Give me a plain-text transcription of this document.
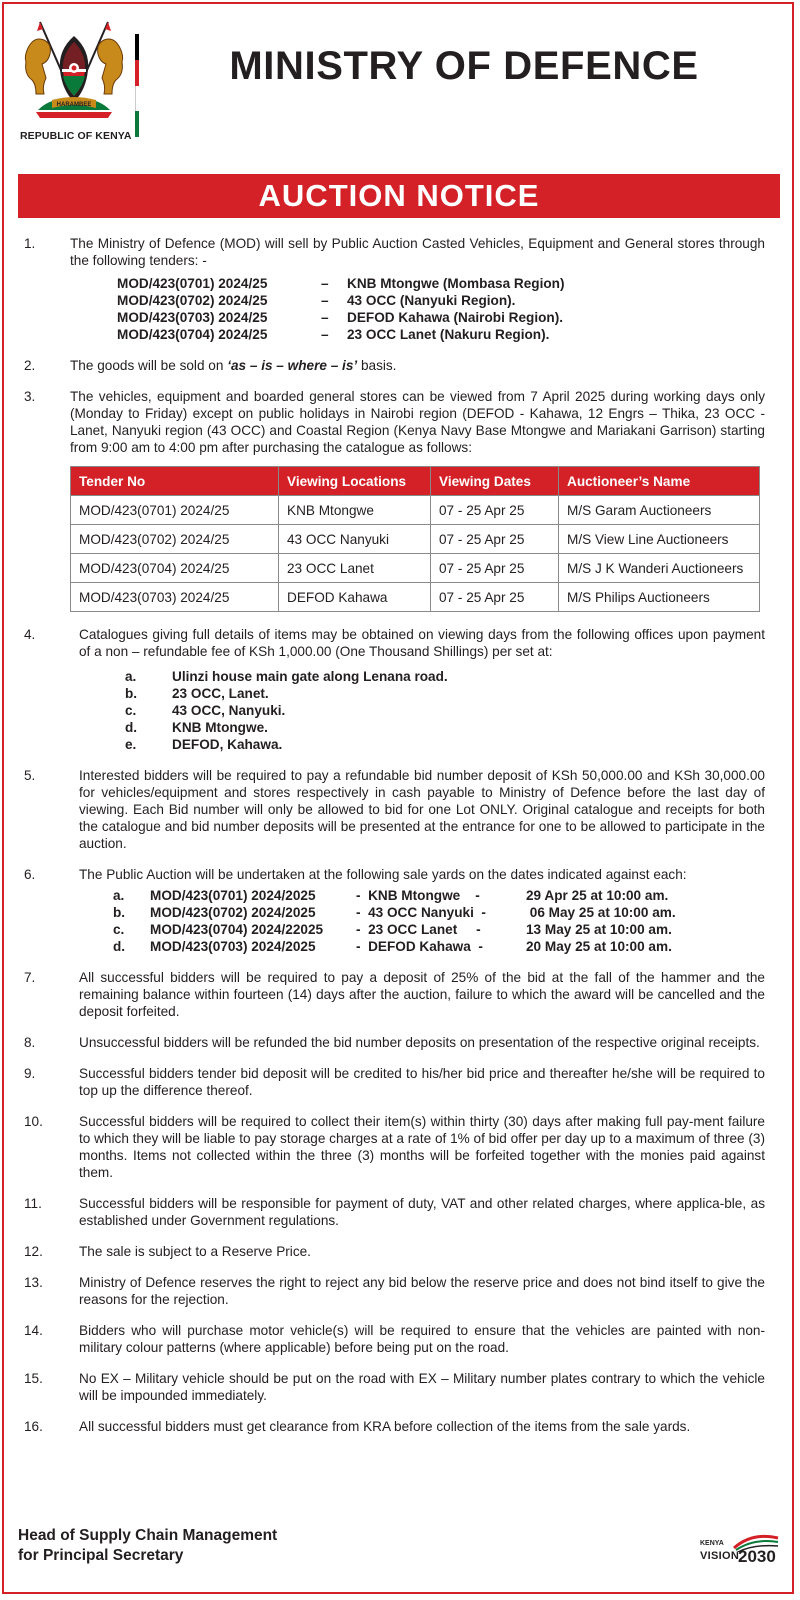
HARAMBEE
REPUBLIC OF KENYA
MINISTRY OF DEFENCE
AUCTION NOTICE
1.	The Ministry of Defence (MOD) will sell by Public Auction Casted Vehicles, Equipment and General stores through the following tenders: -
MOD/423(0701) 2024/25	–	KNB Mtongwe (Mombasa Region)
MOD/423(0702) 2024/25	–	43 OCC (Nanyuki Region).
MOD/423(0703) 2024/25	–	DEFOD Kahawa (Nairobi Region).
MOD/423(0704) 2024/25	–	23 OCC Lanet (Nakuru Region).
2.	The goods will be sold on ‘as – is – where – is’ basis.
3.	The vehicles, equipment and boarded general stores can be viewed from 7 April 2025 during working days only (Monday to Friday) except on public holidays in Nairobi region (DEFOD - Kahawa, 12 Engrs – Thika, 23 OCC - Lanet, Nanyuki region (43 OCC) and Coastal Region (Kenya Navy Base Mtongwe and Mariakani Garrison) starting from 9:00 am to 4:00 pm after purchasing the catalogue as follows:
Tender No	Viewing Locations	Viewing Dates	Auctioneer’s Name
MOD/423(0701) 2024/25	KNB Mtongwe	07 - 25 Apr 25	M/S Garam Auctioneers
MOD/423(0702) 2024/25	43 OCC Nanyuki	07 - 25 Apr 25	M/S View Line Auctioneers
MOD/423(0704) 2024/25	23 OCC Lanet	07 - 25 Apr 25	M/S J K Wanderi Auctioneers
MOD/423(0703) 2024/25	DEFOD Kahawa	07 - 25 Apr 25	M/S Philips Auctioneers
4.	Catalogues giving full details of items may be obtained on viewing days from the following offices upon payment of a non – refundable fee of KSh 1,000.00 (One Thousand Shillings) per set at:
a.	Ulinzi house main gate along Lenana road.
b.	23 OCC, Lanet.
c.	43 OCC, Nanyuki.
d.	KNB Mtongwe.
e.	DEFOD, Kahawa.
5.	Interested bidders will be required to pay a refundable bid number deposit of KSh 50,000.00 and KSh 30,000.00 for vehicles/equipment and stores respectively in cash payable to Ministry of Defence before the last day of viewing. Each Bid number will only be allowed to bid for one Lot ONLY. Original catalogue and receipts for both the catalogue and bid number deposits will be presented at the entrance for one to be allowed to participate in the auction.
6.	The Public Auction will be undertaken at the following sale yards on the dates indicated against each:
a.	MOD/423(0701) 2024/2025	-  KNB Mtongwe    -	29 Apr 25 at 10:00 am.
b.	MOD/423(0702) 2024/2025	-  43 OCC Nanyuki  -	06 May 25 at 10:00 am.
c.	MOD/423(0704) 2024/22025	-  23 OCC Lanet     -	13 May 25 at 10:00 am.
d.	MOD/423(0703) 2024/2025	-  DEFOD Kahawa  -	20 May 25 at 10:00 am.
7.	All successful bidders will be required to pay a deposit of 25% of the bid at the fall of the hammer and the remaining balance within fourteen (14) days after the auction, failure to which the award will be cancelled and the deposit forfeited.
8.	Unsuccessful bidders will be refunded the bid number deposits on presentation of the respective original receipts.
9.	Successful bidders tender bid deposit will be credited to his/her bid price and thereafter he/she will be required to top up the difference thereof.
10.	Successful bidders will be required to collect their item(s) within thirty (30) days after making full pay-ment failure to which they will be liable to pay storage charges at a rate of 1% of bid offer per day up to a maximum of three (3) months. Items not collected within the three (3) months will be forfeited together with the monies paid against them.
11.	Successful bidders will be responsible for payment of duty, VAT and other related charges, where applica-ble, as established under Government regulations.
12.	The sale is subject to a Reserve Price.
13.	Ministry of Defence reserves the right to reject any bid below the reserve price and does not bind itself to give the reasons for the rejection.
14.	Bidders who will purchase motor vehicle(s) will be required to ensure that the vehicles are painted with non-military colour patterns (where applicable) before being put on the road.
15.	No EX – Military vehicle should be put on the road with EX – Military number plates contrary to which the vehicle will be impounded immediately.
16.	All successful bidders must get clearance from KRA before collection of the items from the sale yards.
Head of Supply Chain Management
for Principal Secretary
KENYA
VISION
2030
